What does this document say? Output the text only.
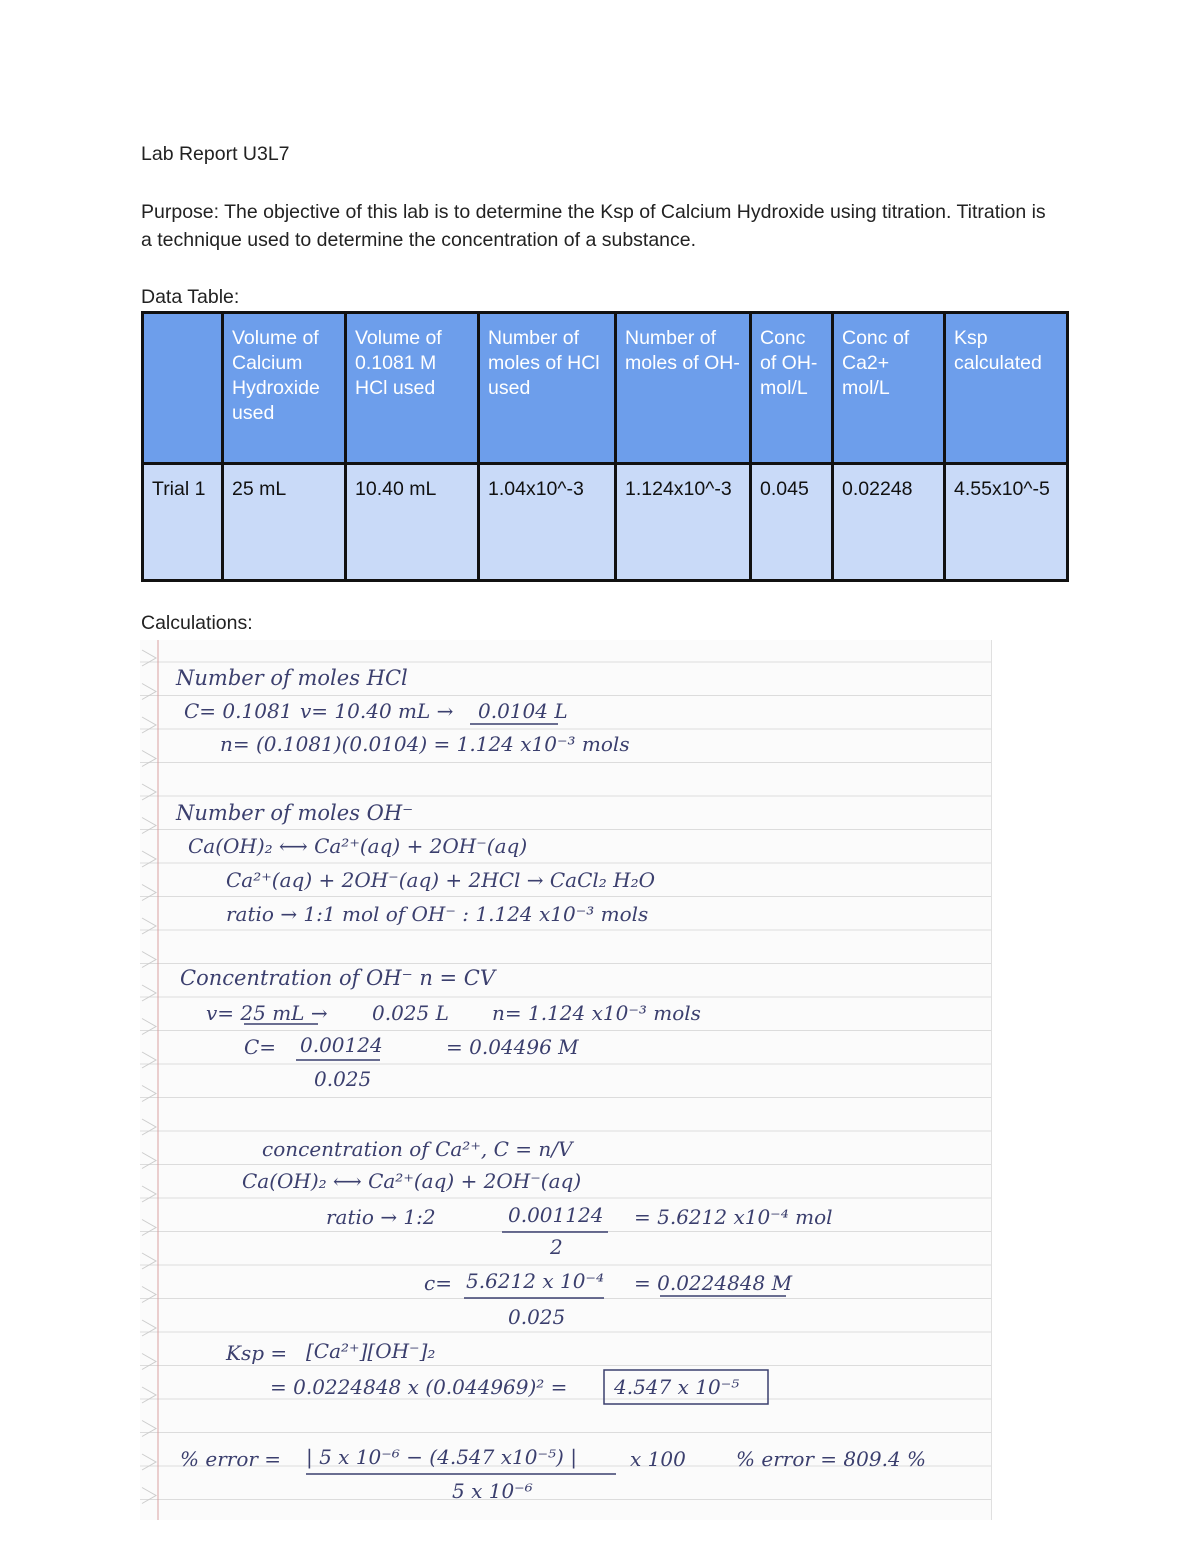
Lab Report U3L7
Purpose: The objective of this lab is to determine the Ksp of Calcium Hydroxide using titration. Titration is a technique used to determine the concentration of a substance.
Data Table:
	Volume of Calcium Hydroxide used	Volume of 0.1081 M HCl used	Number of moles of HCl used	Number of moles of OH-	Conc of OH- mol/L	Conc of Ca2+ mol/L	Ksp calculated
Trial 1	25 mL	10.40 mL	1.04x10^-3	1.124x10^-3	0.045	0.02248	4.55x10^-5
Calculations:
Number of moles HCl
C= 0.1081 v= 10.40 mL → 0.0104 L
n= (0.1081)(0.0104) = 1.124 x10⁻³ mols
Number of moles OH⁻
Ca(OH)₂ ⟷ Ca²⁺(aq) + 2OH⁻(aq)
Ca²⁺(aq) + 2OH⁻(aq) + 2HCl → CaCl₂ H₂O
ratio → 1:1 mol of OH⁻ : 1.124 x10⁻³ mols
Concentration of OH⁻ n = CV
v= 25 mL → 0.025 L n= 1.124 x10⁻³ mols
C= 0.00124	= 0.04496 M
0.025
concentration of Ca²⁺, C = n/V
Ca(OH)₂ ⟷ Ca²⁺(aq) + 2OH⁻(aq)
ratio → 1:2	0.001124 = 5.6212 x10⁻⁴ mol
2
c= 5.6212 x 10⁻⁴ = 0.0224848 M
0.025
Ksp = [Ca²⁺][OH⁻]₂
= 0.0224848 x (0.044969)² = 4.547 x 10⁻⁵
% error = | 5 x 10⁻⁶ − (4.547 x10⁻⁵) |	x 100	% error = 809.4 %
5 x 10⁻⁶
